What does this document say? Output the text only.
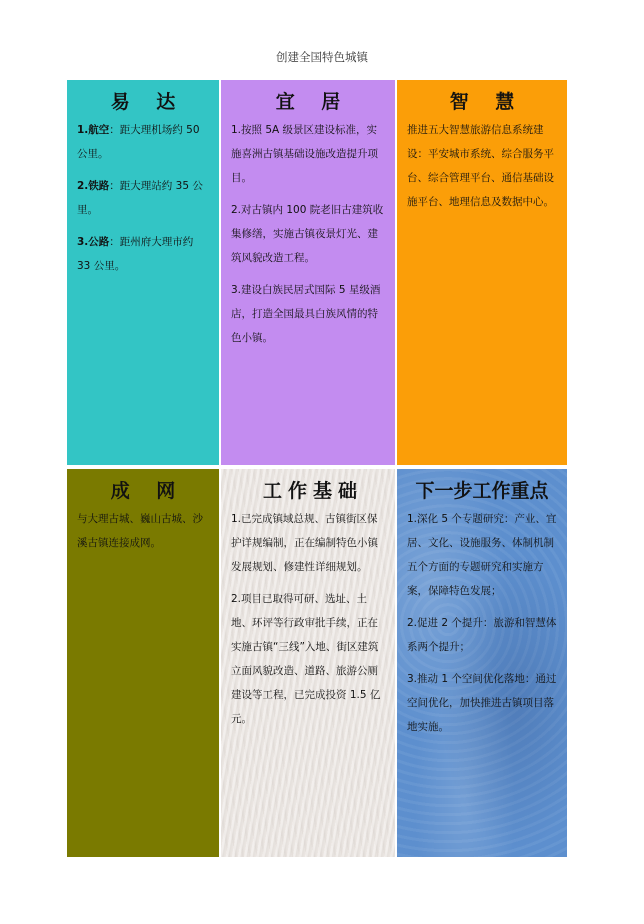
创建全国特色城镇
易 达

1.航空：距大理机场约 50 公里。

2.铁路：距大理站约 35 公里。

3.公路：距州府大理市约 33 公里。

宜 居

1.按照 5A 级景区建设标准，实施喜洲古镇基础设施改造提升项目。

2.对古镇内 100 院老旧古建筑收集修缮，实施古镇夜景灯光、建筑风貌改造工程。

3.建设白族民居式国际 5 星级酒店，打造全国最具白族风情的特色小镇。

智 慧

推进五大智慧旅游信息系统建设：平安城市系统、综合服务平台、综合管理平台、通信基础设施平台、地理信息及数据中心。

成 网

与大理古城、巍山古城、沙溪古镇连接成网。

工作基础

1.已完成镇域总规、古镇街区保护详规编制，正在编制特色小镇发展规划、修建性详细规划。

2.项目已取得可研、选址、土地、环评等行政审批手续，正在实施古镇“三线”入地、街区建筑立面风貌改造、道路、旅游公厕建设等工程，已完成投资 1.5 亿元。

下一步工作重点

1.深化 5 个专题研究：产业、宜居、文化、设施服务、体制机制五个方面的专题研究和实施方案，保障特色发展；

2.促进 2 个提升：旅游和智慧体系两个提升；

3.推动 1 个空间优化落地：通过空间优化，加快推进古镇项目落地实施。
